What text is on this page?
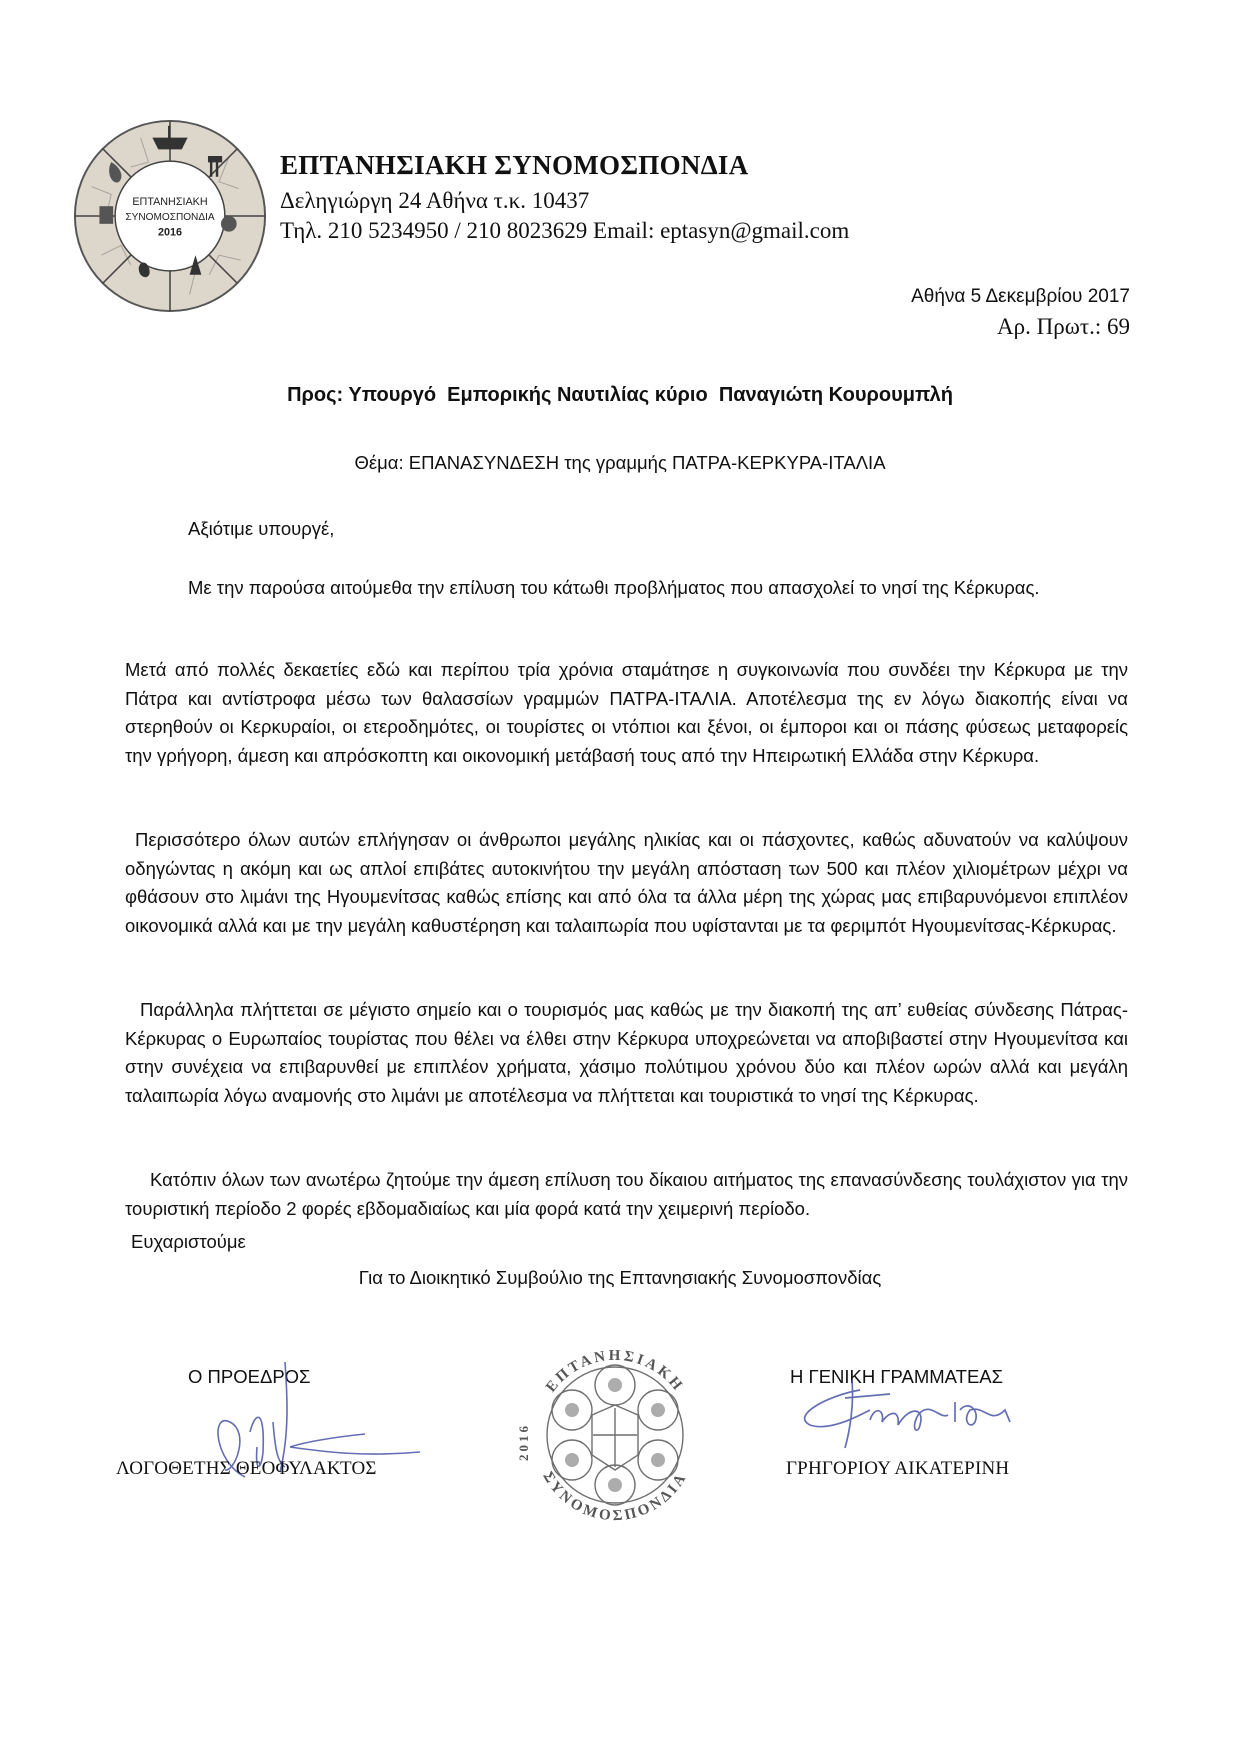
ΕΠΤΑΝΗΣΙΑΚΗ
ΣΥΝΟΜΟΣΠΟΝΔΙΑ
2016
ΕΠΤΑΝΗΣΙΑΚΗ ΣΥΝΟΜΟΣΠΟΝΔΙΑ
Δεληγιώργη 24 Αθήνα τ.κ. 10437
Τηλ. 210 5234950 / 210 8023629 Email: eptasyn@gmail.com
Αθήνα 5 Δεκεμβρίου 2017
Αρ. Πρωτ.: 69
Προς: Υπουργό  Εμπορικής Ναυτιλίας κύριο  Παναγιώτη Κουρουμπλή
Θέμα: ΕΠΑΝΑΣΥΝΔΕΣΗ της γραμμής ΠΑΤΡΑ-ΚΕΡΚΥΡΑ-ΙΤΑΛΙΑ
Αξιότιμε υπουργέ,

Με την παρούσα αιτούμεθα την επίλυση του κάτωθι προβλήματος που απασχολεί το νησί της Κέρκυρας.

Μετά από πολλές δεκαετίες εδώ και περίπου τρία χρόνια σταμάτησε η συγκοινωνία που συνδέει την Κέρκυρα με την Πάτρα και αντίστροφα μέσω των θαλασσίων γραμμών ΠΑΤΡΑ-ΙΤΑΛΙΑ. Αποτέλεσμα της εν λόγω διακοπής είναι να στερηθούν οι Κερκυραίοι, οι ετεροδημότες, οι τουρίστες οι ντόπιοι και ξένοι, οι έμποροι και οι πάσης φύσεως μεταφορείς την γρήγορη, άμεση και απρόσκοπτη και οικονομική μετάβασή τους από την Ηπειρωτική Ελλάδα στην Κέρκυρα.

Περισσότερο όλων αυτών επλήγησαν οι άνθρωποι μεγάλης ηλικίας και οι πάσχοντες, καθώς αδυνατούν να καλύψουν οδηγώντας η ακόμη και ως απλοί επιβάτες αυτοκινήτου την μεγάλη απόσταση των 500 και πλέον χιλιομέτρων μέχρι να φθάσουν στο λιμάνι της Ηγουμενίτσας καθώς επίσης και από όλα τα άλλα μέρη της χώρας μας επιβαρυνόμενοι επιπλέον οικονομικά αλλά και με την μεγάλη καθυστέρηση και ταλαιπωρία που υφίστανται με τα φεριμπότ Ηγουμενίτσας-Κέρκυρας.

Παράλληλα πλήττεται σε μέγιστο σημείο και ο τουρισμός μας καθώς με την διακοπή της απ’ ευθείας σύνδεσης Πάτρας-Κέρκυρας ο Ευρωπαίος τουρίστας που θέλει να έλθει στην Κέρκυρα υποχρεώνεται να αποβιβαστεί στην Ηγουμενίτσα και στην συνέχεια να επιβαρυνθεί με επιπλέον χρήματα, χάσιμο πολύτιμου χρόνου δύο και πλέον ωρών αλλά και μεγάλη ταλαιπωρία λόγω αναμονής στο λιμάνι με αποτέλεσμα να πλήττεται και τουριστικά το νησί της Κέρκυρας.

Κατόπιν όλων των ανωτέρω ζητούμε την άμεση επίλυση του δίκαιου αιτήματος της επανασύνδεσης τουλάχιστον για την τουριστική περίοδο 2 φορές εβδομαδιαίως και μία φορά κατά την χειμερινή περίοδο.

Ευχαριστούμε
Για το Διοικητικό Συμβούλιο της Επτανησιακής Συνομοσπονδίας
Ο ΠΡΟΕΔΡΟΣ
ΛΟΓΟΘΕΤΗΣ ΘΕΟΦΥΛΑΚΤΟΣ
ΕΠΤΑΝΗΣΙΑΚΗ
ΣΥΝΟΜΟΣΠΟΝΔΙΑ
2016
Η ΓΕΝΙΚΗ ΓΡΑΜΜΑΤΕΑΣ
ΓΡΗΓΟΡΙΟΥ ΑΙΚΑΤΕΡΙΝΗ
